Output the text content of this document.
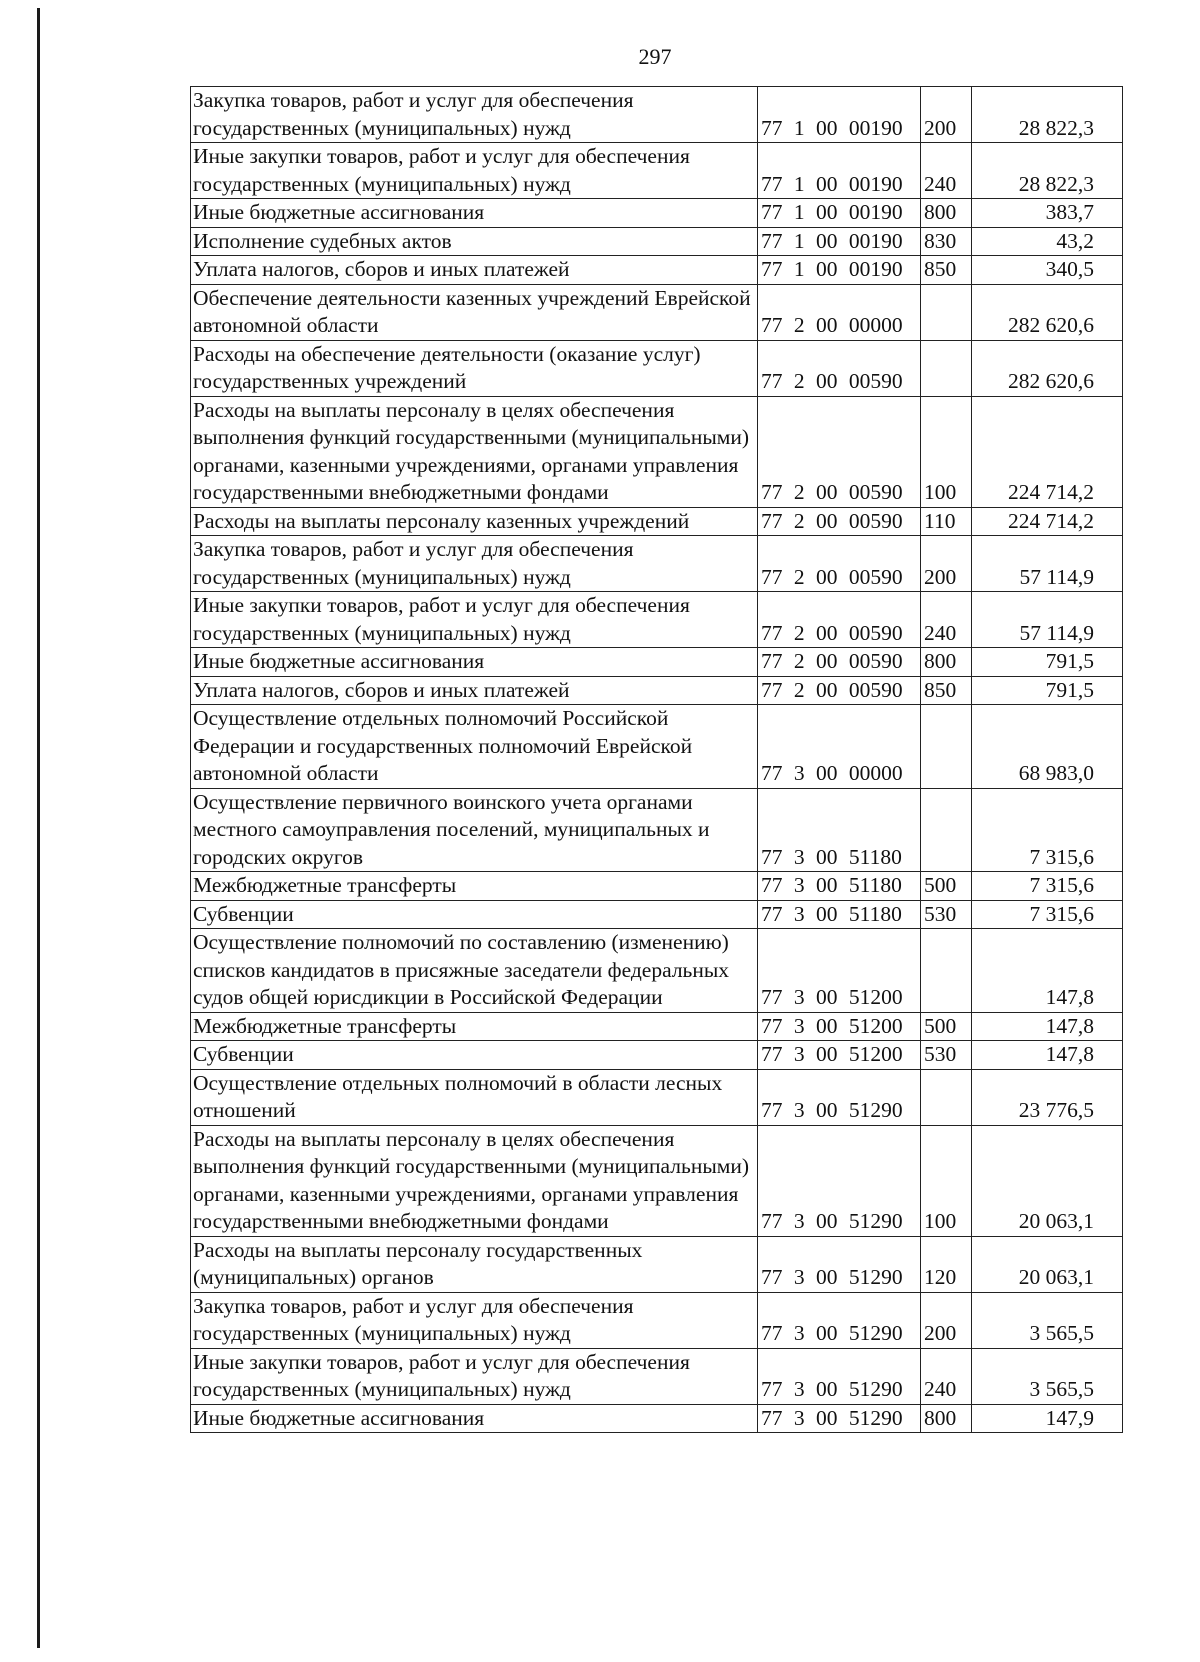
297
Закупка товаров, работ и услуг для обеспечения государственных (муниципальных) нужд	77 1 00 00190	200	28 822,3
Иные закупки товаров, работ и услуг для обеспечения государственных (муниципальных) нужд	77 1 00 00190	240	28 822,3
Иные бюджетные ассигнования	77 1 00 00190	800	383,7
Исполнение судебных актов	77 1 00 00190	830	43,2
Уплата налогов, сборов и иных платежей	77 1 00 00190	850	340,5
Обеспечение деятельности казенных учреждений Еврейской автономной области	77 2 00 00000		282 620,6
Расходы на обеспечение деятельности (оказание услуг) государственных учреждений	77 2 00 00590		282 620,6
Расходы на выплаты персоналу в целях обеспечения выполнения функций государственными (муниципальными) органами, казенными учреждениями, органами управления государственными внебюджетными фондами	77 2 00 00590	100	224 714,2
Расходы на выплаты персоналу казенных учреждений	77 2 00 00590	110	224 714,2
Закупка товаров, работ и услуг для обеспечения государственных (муниципальных) нужд	77 2 00 00590	200	57 114,9
Иные закупки товаров, работ и услуг для обеспечения государственных (муниципальных) нужд	77 2 00 00590	240	57 114,9
Иные бюджетные ассигнования	77 2 00 00590	800	791,5
Уплата налогов, сборов и иных платежей	77 2 00 00590	850	791,5
Осуществление отдельных полномочий Российской Федерации и государственных полномочий Еврейской автономной области	77 3 00 00000		68 983,0
Осуществление первичного воинского учета органами местного самоуправления поселений, муниципальных и городских округов	77 3 00 51180		7 315,6
Межбюджетные трансферты	77 3 00 51180	500	7 315,6
Субвенции	77 3 00 51180	530	7 315,6
Осуществление полномочий по составлению (изменению) списков кандидатов в присяжные заседатели федеральных судов общей юрисдикции в Российской Федерации	77 3 00 51200		147,8
Межбюджетные трансферты	77 3 00 51200	500	147,8
Субвенции	77 3 00 51200	530	147,8
Осуществление отдельных полномочий в области лесных отношений	77 3 00 51290		23 776,5
Расходы на выплаты персоналу в целях обеспечения выполнения функций государственными (муниципальными) органами, казенными учреждениями, органами управления государственными внебюджетными фондами	77 3 00 51290	100	20 063,1
Расходы на выплаты персоналу государственных (муниципальных) органов	77 3 00 51290	120	20 063,1
Закупка товаров, работ и услуг для обеспечения государственных (муниципальных) нужд	77 3 00 51290	200	3 565,5
Иные закупки товаров, работ и услуг для обеспечения государственных (муниципальных) нужд	77 3 00 51290	240	3 565,5
Иные бюджетные ассигнования	77 3 00 51290	800	147,9
